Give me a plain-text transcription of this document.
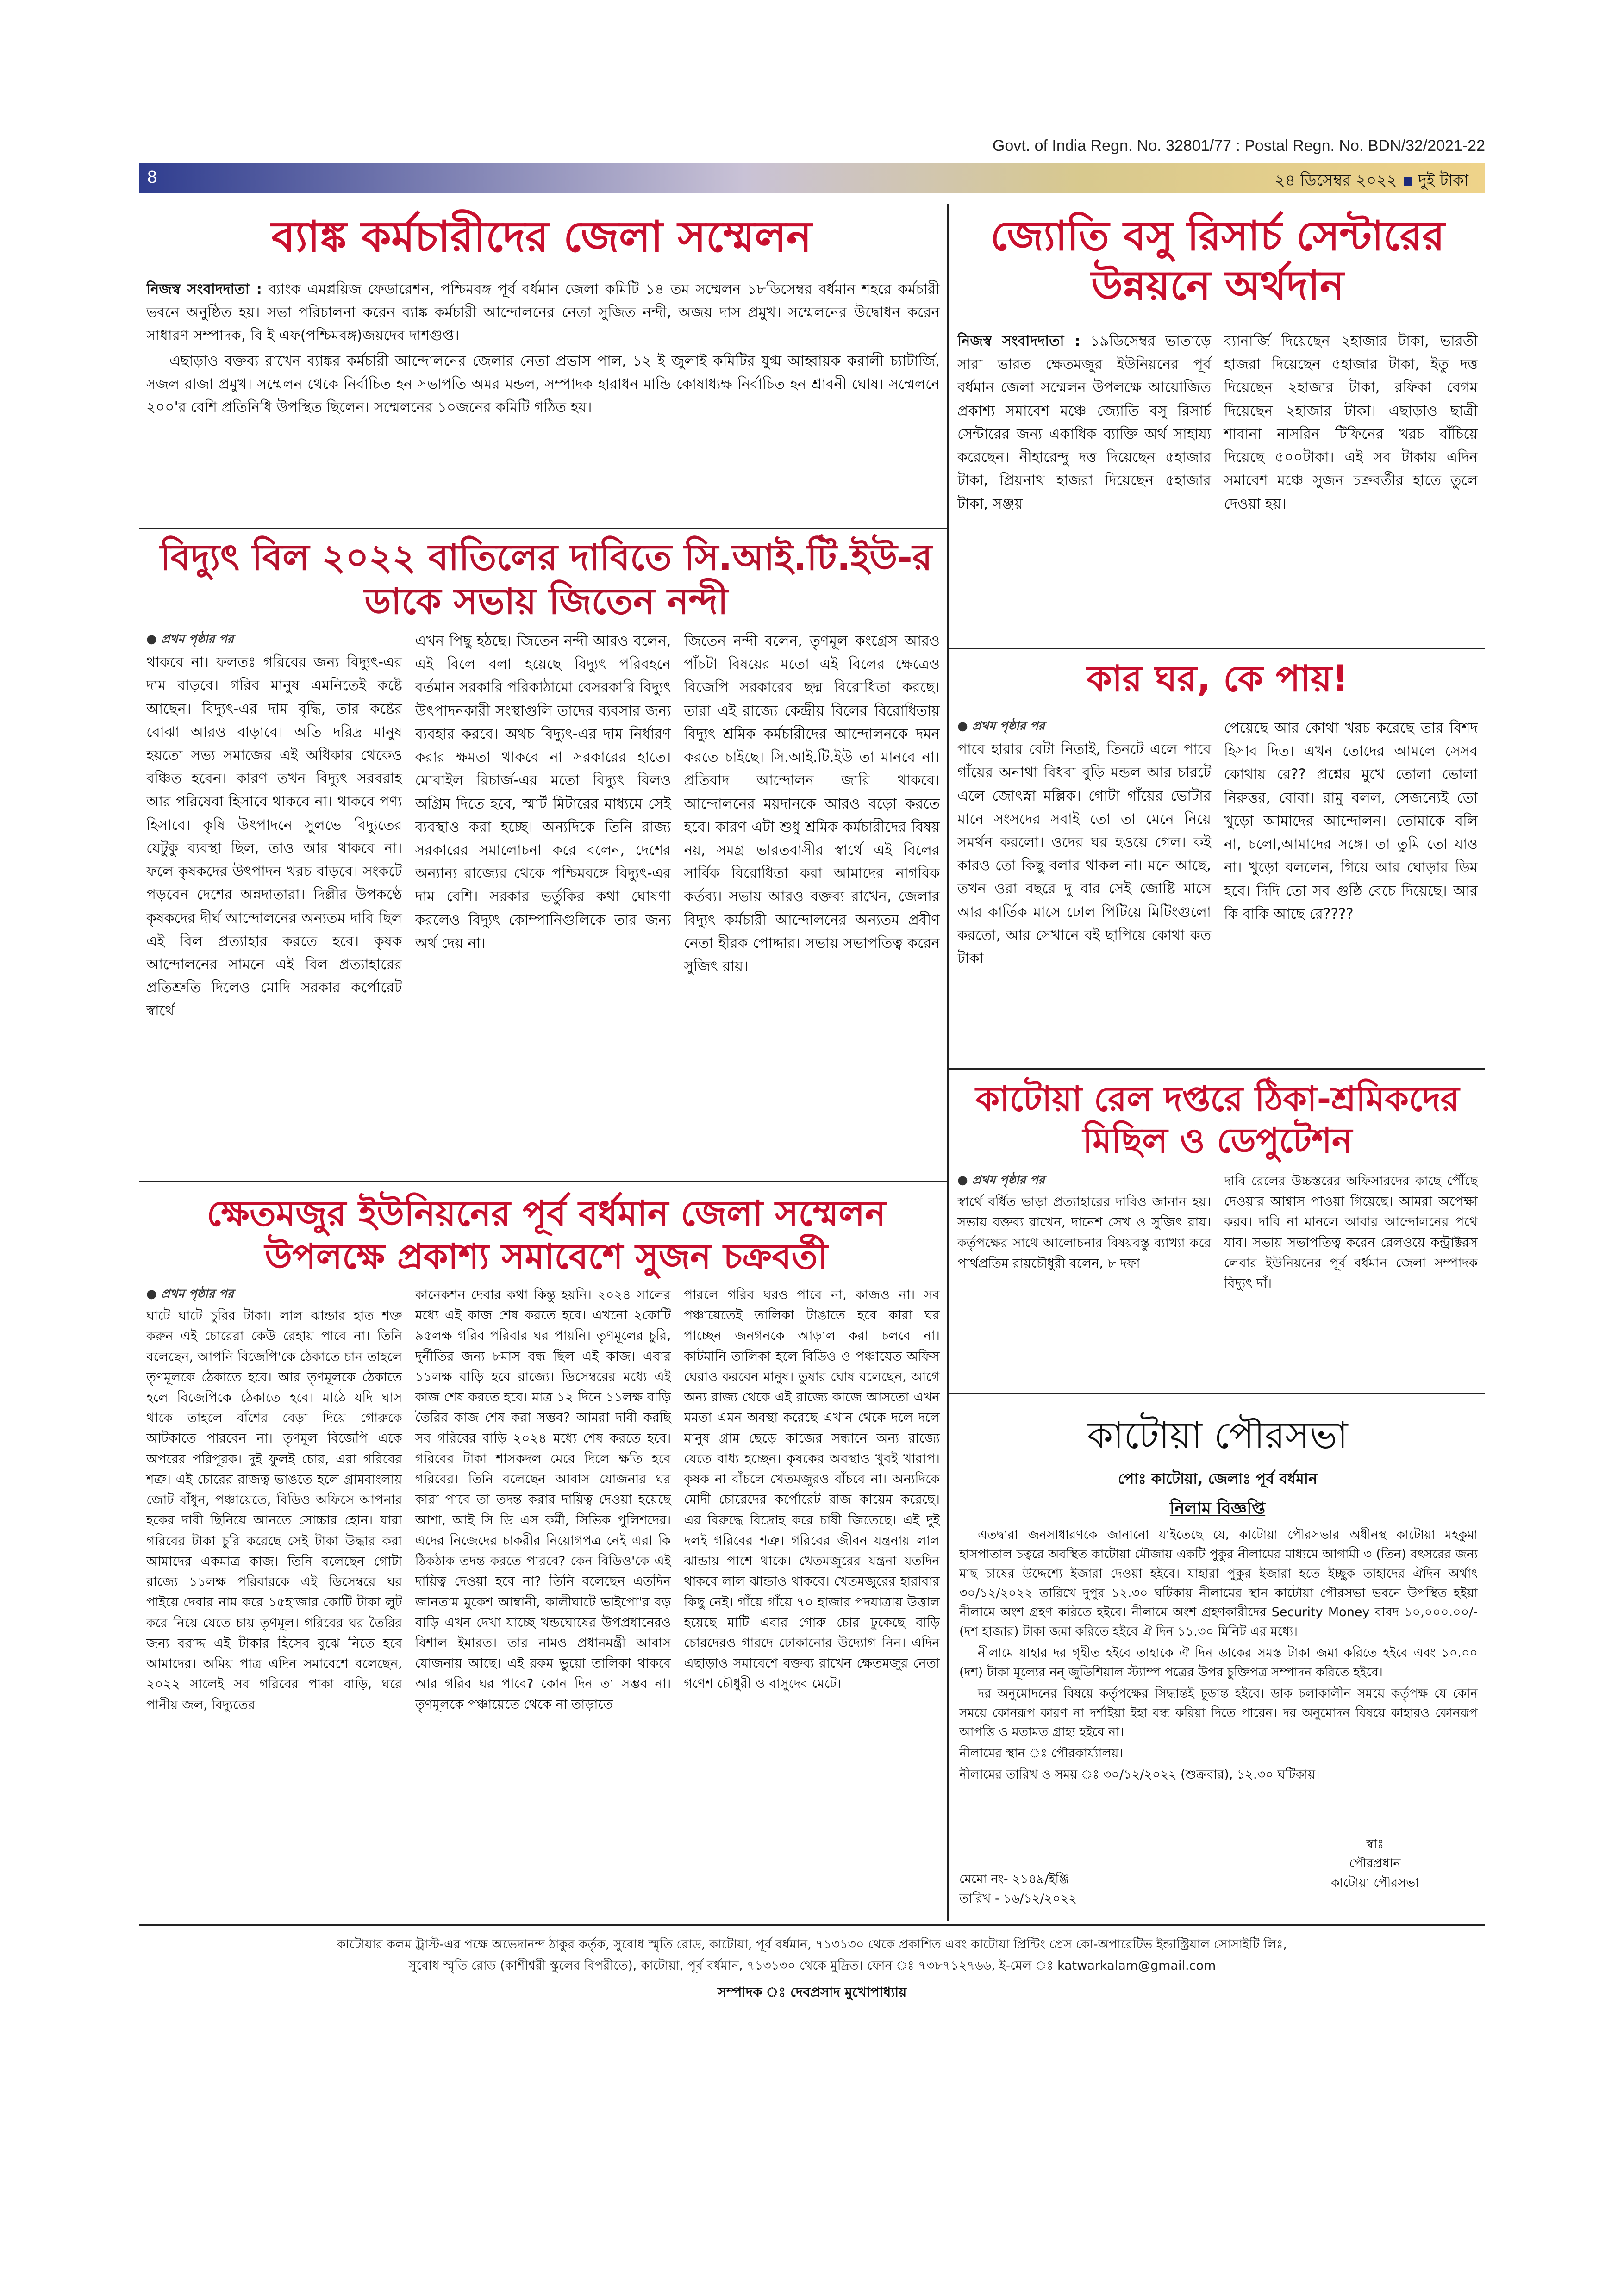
Govt. of India Regn. No. 32801/77 : Postal Regn. No. BDN/32/2021-22
8	২৪ ডিসেম্বর ২০২২ দুই টাকা
ব্যাঙ্ক কর্মচারীদের জেলা সম্মেলন

নিজস্ব সংবাদদাতা : ব্যাংক এমপ্লয়িজ ফেডারেশন, পশ্চিমবঙ্গ পূর্ব বর্ধমান জেলা কমিটি ১৪ তম সম্মেলন ১৮ডিসেম্বর বর্ধমান শহরে কর্মচারী ভবনে অনুষ্ঠিত হয়। সভা পরিচালনা করেন ব্যাঙ্ক কর্মচারী আন্দোলনের নেতা সুজিত নন্দী, অজয় দাস প্রমুখ। সম্মেলনের উদ্বোধন করেন সাধারণ সম্পাদক, বি ই এফ(পশ্চিমবঙ্গ)জয়দেব দাশগুপ্ত।

এছাড়াও বক্তব্য রাখেন ব্যাঙ্কর কর্মচারী আন্দোলনের জেলার নেতা প্রভাস পাল, ১২ ই জুলাই কমিটির যুগ্ম আহ্বায়ক করালী চ্যাটার্জি, সজল রাজা প্রমুখ। সম্মেলন থেকে নির্বাচিত হন সভাপতি অমর মন্ডল, সম্পাদক হারাধন মান্ডি কোষাধ্যক্ষ নির্বাচিত হন শ্রাবনী ঘোষ। সম্মেলনে ২০০'র বেশি প্রতিনিধি উপস্থিত ছিলেন। সম্মেলনের ১০জনের কমিটি গঠিত হয়।

বিদ্যুৎ বিল ২০২২ বাতিলের দাবিতে সি.আই.টি.ইউ-র ডাকে সভায় জিতেন নন্দী
● প্রথম পৃষ্ঠার পর
থাকবে না। ফলতঃ গরিবের জন্য বিদ্যুৎ-এর দাম বাড়বে। গরিব মানুষ এমনিতেই কষ্টে আছেন। বিদ্যুৎ-এর দাম বৃদ্ধি, তার কষ্টের বোঝা আরও বাড়াবে। অতি দরিদ্র মানুষ হয়তো সভ্য সমাজের এই অধিকার থেকেও বঞ্চিত হবেন। কারণ তখন বিদ্যুৎ সরবরাহ আর পরিষেবা হিসাবে থাকবে না। থাকবে পণ্য হিসাবে। কৃষি উৎপাদনে সুলভে বিদ্যুতের যেটুকু ব্যবস্থা ছিল, তাও আর থাকবে না। ফলে কৃষকদের উৎপাদন খরচ বাড়বে। সংকটে পড়বেন দেশের অন্নদাতারা। দিল্লীর উপকণ্ঠে কৃষকদের দীর্ঘ আন্দোলনের অন্যতম দাবি ছিল এই বিল প্রত্যাহার করতে হবে। কৃষক আন্দোলনের সামনে এই বিল প্রত্যাহারের প্রতিশ্রুতি দিলেও মোদি সরকার কর্পোরেট স্বার্থে
এখন পিছু হঠছে। জিতেন নন্দী আরও বলেন, এই বিলে বলা হয়েছে বিদ্যুৎ পরিবহনে বর্তমান সরকারি পরিকাঠামো বেসরকারি বিদ্যুৎ উৎপাদনকারী সংস্থাগুলি তাদের ব্যবসার জন্য ব্যবহার করবে। অথচ বিদ্যুৎ-এর দাম নির্ধারণ করার ক্ষমতা থাকবে না সরকারের হাতে। মোবাইল রিচার্জ-এর মতো বিদ্যুৎ বিলও অগ্রিম দিতে হবে, স্মার্ট মিটারের মাধ্যমে সেই ব্যবস্থাও করা হচ্ছে। অন্যদিকে তিনি রাজ্য সরকারের সমালোচনা করে বলেন, দেশের অন্যান্য রাজ্যের থেকে পশ্চিমবঙ্গে বিদ্যুৎ-এর দাম বেশি। সরকার ভর্তুকির কথা ঘোষণা করলেও বিদ্যুৎ কোম্পানিগুলিকে তার জন্য অর্থ দেয় না।
জিতেন নন্দী বলেন, তৃণমূল কংগ্রেস আরও পাঁচটা বিষয়ের মতো এই বিলের ক্ষেত্রেও বিজেপি সরকারের ছদ্ম বিরোধিতা করছে। তারা এই রাজ্যে কেন্দ্রীয় বিলের বিরোধিতায় বিদ্যুৎ শ্রমিক কর্মচারীদের আন্দোলনকে দমন করতে চাইছে। সি.আই.টি.ইউ তা মানবে না। প্রতিবাদ আন্দোলন জারি থাকবে। আন্দোলনের ময়দানকে আরও বড়ো করতে হবে। কারণ এটা শুধু শ্রমিক কর্মচারীদের বিষয় নয়, সমগ্র ভারতবাসীর স্বার্থে এই বিলের সার্বিক বিরোধিতা করা আমাদের নাগরিক কর্তব্য। সভায় আরও বক্তব্য রাখেন, জেলার বিদ্যুৎ কর্মচারী আন্দোলনের অন্যতম প্রবীণ নেতা হীরক পোদ্দার। সভায় সভাপতিত্ব করেন সুজিৎ রায়।
ক্ষেতমজুর ইউনিয়নের পূর্ব বর্ধমান জেলা সম্মেলন উপলক্ষে প্রকাশ্য সমাবেশে সুজন চক্রবর্তী
● প্রথম পৃষ্ঠার পর
ঘাটে ঘাটে চুরির টাকা। লাল ঝান্ডার হাত শক্ত করুন এই চোরেরা কেউ রেহায় পাবে না। তিনি বলেছেন, আপনি বিজেপি'কে ঠেকাতে চান তাহলে তৃণমূলকে ঠেকাতে হবে। আর তৃণমূলকে ঠেকাতে হলে বিজেপিকে ঠেকাতে হবে। মাঠে যদি ঘাস থাকে তাহলে বাঁশের বেড়া দিয়ে গোরুকে আটকাতে পারবেন না। তৃণমূল বিজেপি একে অপরের পরিপূরক। দুই ফুলই চোর, এরা গরিবের শত্রু। এই চোরের রাজত্ব ভাঙতে হলে গ্রামবাংলায় জোট বাঁধুন, পঞ্চায়েতে, বিডিও অফিসে আপনার হকের দাবী ছিনিয়ে আনতে সোচ্চার হোন। যারা গরিবের টাকা চুরি করেছে সেই টাকা উদ্ধার করা আমাদের একমাত্র কাজ। তিনি বলেছেন গোটা রাজ্যে ১১লক্ষ পরিবারকে এই ডিসেম্বরে ঘর পাইয়ে দেবার নাম করে ১৫হাজার কোটি টাকা লুট করে নিয়ে যেতে চায় তৃণমূল। গরিবের ঘর তৈরির জন্য বরাদ্দ এই টাকার হিসেব বুঝে নিতে হবে আমাদের। অমিয় পাত্র এদিন সমাবেশে বলেছেন, ২০২২ সালেই সব গরিবের পাকা বাড়ি, ঘরে পানীয় জল, বিদ্যুতের
কানেকশন দেবার কথা কিন্তু হয়নি। ২০২৪ সালের মধ্যে এই কাজ শেষ করতে হবে। এখনো ২কোটি ৯৫লক্ষ গরিব পরিবার ঘর পায়নি। তৃণমূলের চুরি, দুর্নীতির জন্য ৮মাস বন্ধ ছিল এই কাজ। এবার ১১লক্ষ বাড়ি হবে রাজ্যে। ডিসেম্বরের মধ্যে এই কাজ শেষ করতে হবে। মাত্র ১২ দিনে ১১লক্ষ বাড়ি তৈরির কাজ শেষ করা সম্ভব? আমরা দাবী করছি সব গরিবের বাড়ি ২০২৪ মধ্যে শেষ করতে হবে। গরিবের টাকা শাসকদল মেরে দিলে ক্ষতি হবে গরিবের। তিনি বলেছেন আবাস যোজনার ঘর কারা পাবে তা তদন্ত করার দায়িত্ব দেওয়া হয়েছে আশা, আই সি ডি এস কর্মী, সিভিক পুলিশদের। এদের নিজেদের চাকরীর নিয়োগপত্র নেই এরা কি ঠিকঠাক তদন্ত করতে পারবে? কেন বিডিও'কে এই দায়িত্ব দেওয়া হবে না? তিনি বলেছেন এতদিন জানতাম মুকেশ আম্বানী, কালীঘাটে ভাইপো'র বড় বাড়ি এখন দেখা যাচ্ছে খন্ডঘোষের উপপ্রধানেরও বিশাল ইমারত। তার নামও প্রধানমন্ত্রী আবাস যোজনায় আছে। এই রকম ভুয়ো তালিকা থাকবে আর গরিব ঘর পাবে? কোন দিন তা সম্ভব না। তৃণমূলকে পঞ্চায়েতে থেকে না তাড়াতে
পারলে গরিব ঘরও পাবে না, কাজও না। সব পঞ্চায়েতেই তালিকা টাঙাতে হবে কারা ঘর পাচ্ছেন জনগনকে আড়াল করা চলবে না। কাটমানি তালিকা হলে বিডিও ও পঞ্চায়েত অফিস ঘেরাও করবেন মানুষ। তুষার ঘোষ বলেছেন, আগে অন্য রাজ্য থেকে এই রাজ্যে কাজে আসতো এখন মমতা এমন অবস্থা করেছে এখান থেকে দলে দলে মানুষ গ্রাম ছেড়ে কাজের সন্ধানে অন্য রাজ্যে যেতে বাধ্য হচ্ছেন। কৃষকের অবস্থাও খুবই খারাপ। কৃষক না বাঁচলে খেতমজুরও বাঁচবে না। অন্যদিকে মোদী চোরেদের কর্পোরেট রাজ কায়েম করেছে। এর বিরুদ্ধে বিদ্রোহ করে চাষী জিতেছে। এই দুই দলই গরিবের শত্রু। গরিবের জীবন যন্ত্রনায় লাল ঝান্ডায় পাশে থাকে। খেতমজুরের যন্ত্রনা যতদিন থাকবে লাল ঝান্ডাও থাকবে। খেতমজুরের হারাবার কিছু নেই। গাঁয়ে গাঁয়ে ৭০ হাজার পদযাত্রায় উত্তাল হয়েছে মাটি এবার গোরু চোর ঢুকেছে বাড়ি চোরদেরও গারদে ঢোকানোর উদ্যোগ নিন। এদিন এছাড়াও সমাবেশে বক্তব্য রাখেন ক্ষেতমজুর নেতা গণেশ চৌধুরী ও বাসুদেব মেটে।
জ্যোতি বসু রিসার্চ সেন্টারের উন্নয়নে অর্থদান
নিজস্ব সংবাদদাতা : ১৯ডিসেম্বর ভাতাড়ে সারা ভারত ক্ষেতমজুর ইউনিয়নের পূর্ব বর্ধমান জেলা সম্মেলন উপলক্ষে আয়োজিত প্রকাশ্য সমাবেশ মঞ্চে জ্যোতি বসু রিসার্চ সেন্টারের জন্য একাধিক ব্যাক্তি অর্থ সাহায্য করেছেন। নীহারেন্দু দত্ত দিয়েছেন ৫হাজার টাকা, প্রিয়নাথ হাজরা দিয়েছেন ৫হাজার টাকা, সঞ্জয়
ব্যানার্জি দিয়েছেন ২হাজার টাকা, ভারতী হাজরা দিয়েছেন ৫হাজার টাকা, ইতু দত্ত দিয়েছেন ২হাজার টাকা, রফিকা বেগম দিয়েছেন ২হাজার টাকা। এছাড়াও ছাত্রী শাবানা নাসরিন টিফিনের খরচ বাঁচিয়ে দিয়েছে ৫০০টাকা। এই সব টাকায় এদিন সমাবেশ মঞ্চে সুজন চক্রবর্তীর হাতে তুলে দেওয়া হয়।
কার ঘর, কে পায়!
● প্রথম পৃষ্ঠার পর
পাবে হারার বেটা নিতাই, তিনটে এলে পাবে গাঁয়ের অনাথা বিধবা বুড়ি মন্ডল আর চারটে এলে জোৎস্না মল্লিক। গোটা গাঁয়ের ভোটার মানে সংসদের সবাই তো তা মেনে নিয়ে সমর্থন করলো। ওদের ঘর হওয়ে গেল। কই কারও তো কিছু বলার থাকল না। মনে আছে, তখন ওরা বছরে দু বার সেই জোষ্টি মাসে আর কার্তিক মাসে ঢোল পিটিয়ে মিটিংগুলো করতো, আর সেখানে বই ছাপিয়ে কোথা কত টাকা
পেয়েছে আর কোথা খরচ করেছে তার বিশদ হিসাব দিত। এখন তোদের আমলে সেসব কোথায় রে?? প্রশ্নের মুখে তোলা ভোলা নিরুত্তর, বোবা। রামু বলল, সেজন্যেই তো খুড়ো আমাদের আন্দোলন। তোমাকে বলি না, চলো,আমাদের সঙ্গে। তা তুমি তো যাও না। খুড়ো বললেন, গিয়ে আর ঘোড়ার ডিম হবে। দিদি তো সব গুষ্ঠি বেচে দিয়েছে। আর কি বাকি আছে রে????
কাটোয়া রেল দপ্তরে ঠিকা-শ্রমিকদের মিছিল ও ডেপুটেশন
● প্রথম পৃষ্ঠার পর
স্বার্থে বর্ধিত ভাড়া প্রত্যাহারের দাবিও জানান হয়। সভায় বক্তব্য রাখেন, দানেশ সেখ ও সুজিৎ রায়। কর্তৃপক্ষের সাথে আলোচনার বিষয়বস্তু ব্যাখ্যা করে পার্থপ্রতিম রায়চৌধুরী বলেন, ৮ দফা
দাবি রেলের উচ্চস্তরের অফিসারদের কাছে পৌঁছে দেওয়ার আশ্বাস পাওয়া গিয়েছে। আমরা অপেক্ষা করব। দাবি না মানলে আবার আন্দোলনের পথে যাব। সভায় সভাপতিত্ব করেন রেলওয়ে কন্ট্রাক্টরস লেবার ইউনিয়নের পূর্ব বর্ধমান জেলা সম্পাদক বিদ্যুৎ দাঁ।
কাটোয়া পৌরসভা
পোঃ কাটোয়া, জেলাঃ পূর্ব বর্ধমান
নিলাম বিজ্ঞপ্তি

এতদ্বারা জনসাধারণকে জানানো যাইতেছে যে, কাটোয়া পৌরসভার অধীনস্থ কাটোয়া মহকুমা হাসপাতাল চত্বরে অবস্থিত কাটোয়া মৌজায় একটি পুকুর নীলামের মাধ্যমে আগামী ৩ (তিন) বৎসরের জন্য মাছ চাষের উদ্দেশ্যে ইজারা দেওয়া হইবে। যাহারা পুকুর ইজারা হতে ইচ্ছুক তাহাদের ঐদিন অর্থাৎ ৩০/১২/২০২২ তারিখে দুপুর ১২.৩০ ঘটিকায় নীলামের স্থান কাটোয়া পৌরসভা ভবনে উপস্থিত হইয়া নীলামে অংশ গ্রহণ করিতে হইবে। নীলামে অংশ গ্রহণকারীদের Security Money বাবদ ১০,০০০.০০/- (দশ হাজার) টাকা জমা করিতে হইবে ঐ দিন ১১.৩০ মিনিট এর মধ্যে।

নীলামে যাহার দর গৃহীত হইবে তাহাকে ঐ দিন ডাকের সমস্ত টাকা জমা করিতে হইবে এবং ১০.০০ (দশ) টাকা মূল্যের নন্ জুডিশিয়াল স্ট্যাম্প পত্রের উপর চুক্তিপত্র সম্পাদন করিতে হইবে।

দর অনুমোদনের বিষয়ে কর্তৃপক্ষের সিদ্ধান্তই চূড়ান্ত হইবে। ডাক চলাকালীন সময়ে কর্তৃপক্ষ যে কোন সময়ে কোনরূপ কারণ না দর্শাইয়া ইহা বন্ধ করিয়া দিতে পারেন। দর অনুমোদন বিষয়ে কাহারও কোনরূপ আপত্তি ও মতামত গ্রাহ্য হইবে না।

নীলামের স্থান ঃ পৌরকার্য্যালয়।

নীলামের তারিখ ও সময় ঃ ৩০/১২/২০২২ (শুক্রবার), ১২.৩০ ঘটিকায়।

মেমো নং- ২১৪৯/ইঞ্জি
তারিখ - ১৬/১২/২০২২
স্বাঃ
পৌরপ্রধান
কাটোয়া পৌরসভা
কাটোয়ার কলম ট্রাস্ট-এর পক্ষে অভেদানন্দ ঠাকুর কর্তৃক, সুবোধ স্মৃতি রোড, কাটোয়া, পূর্ব বর্ধমান, ৭১৩১৩০ থেকে প্রকাশিত এবং কাটোয়া প্রিন্টিং প্রেস কো-অপারেটিভ ইন্ডাস্ট্রিয়াল সোসাইটি লিঃ,
সুবোধ স্মৃতি রোড (কাশীশ্বরী স্কুলের বিপরীতে), কাটোয়া, পূর্ব বর্ধমান, ৭১৩১৩০ থেকে মুদ্রিত। ফোন ঃ ৭৩৮৭১২৭৬৬, ই-মেল ঃ katwarkalam@gmail.com
সম্পাদক ঃ দেবপ্রসাদ মুখোপাধ্যায়
